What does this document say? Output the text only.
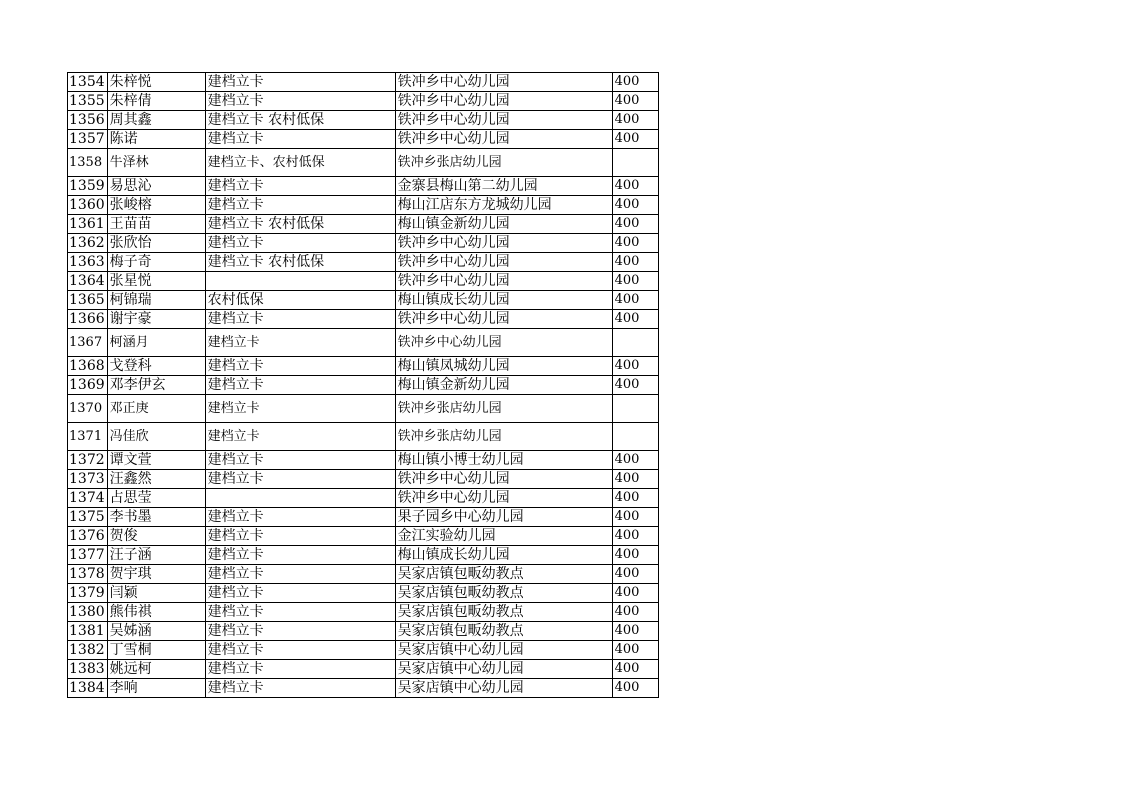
1354	朱梓悦	建档立卡	铁冲乡中心幼儿园	400
1355	朱梓倩	建档立卡	铁冲乡中心幼儿园	400
1356	周其鑫	建档立卡 农村低保	铁冲乡中心幼儿园	400
1357	陈诺	建档立卡	铁冲乡中心幼儿园	400
1358	牛泽林	建档立卡、农村低保	铁冲乡张店幼儿园	
1359	易思沁	建档立卡	金寨县梅山第二幼儿园	400
1360	张峻榕	建档立卡	梅山江店东方龙城幼儿园	400
1361	王苗苗	建档立卡 农村低保	梅山镇金新幼儿园	400
1362	张欣怡	建档立卡	铁冲乡中心幼儿园	400
1363	梅子奇	建档立卡 农村低保	铁冲乡中心幼儿园	400
1364	张星悦		铁冲乡中心幼儿园	400
1365	柯锦瑞	农村低保	梅山镇成长幼儿园	400
1366	谢宇豪	建档立卡	铁冲乡中心幼儿园	400
1367	柯涵月	建档立卡	铁冲乡中心幼儿园	
1368	戈登科	建档立卡	梅山镇凤城幼儿园	400
1369	邓李伊玄	建档立卡	梅山镇金新幼儿园	400
1370	邓正庚	建档立卡	铁冲乡张店幼儿园	
1371	冯佳欣	建档立卡	铁冲乡张店幼儿园	
1372	谭文萱	建档立卡	梅山镇小博士幼儿园	400
1373	汪鑫然	建档立卡	铁冲乡中心幼儿园	400
1374	占思莹		铁冲乡中心幼儿园	400
1375	李书墨	建档立卡	果子园乡中心幼儿园	400
1376	贺俊	建档立卡	金江实验幼儿园	400
1377	汪子涵	建档立卡	梅山镇成长幼儿园	400
1378	贺宇琪	建档立卡	吴家店镇包畈幼教点	400
1379	闫颖	建档立卡	吴家店镇包畈幼教点	400
1380	熊伟祺	建档立卡	吴家店镇包畈幼教点	400
1381	吴姊涵	建档立卡	吴家店镇包畈幼教点	400
1382	丁雪桐	建档立卡	吴家店镇中心幼儿园	400
1383	姚远柯	建档立卡	吴家店镇中心幼儿园	400
1384	李响	建档立卡	吴家店镇中心幼儿园	400
